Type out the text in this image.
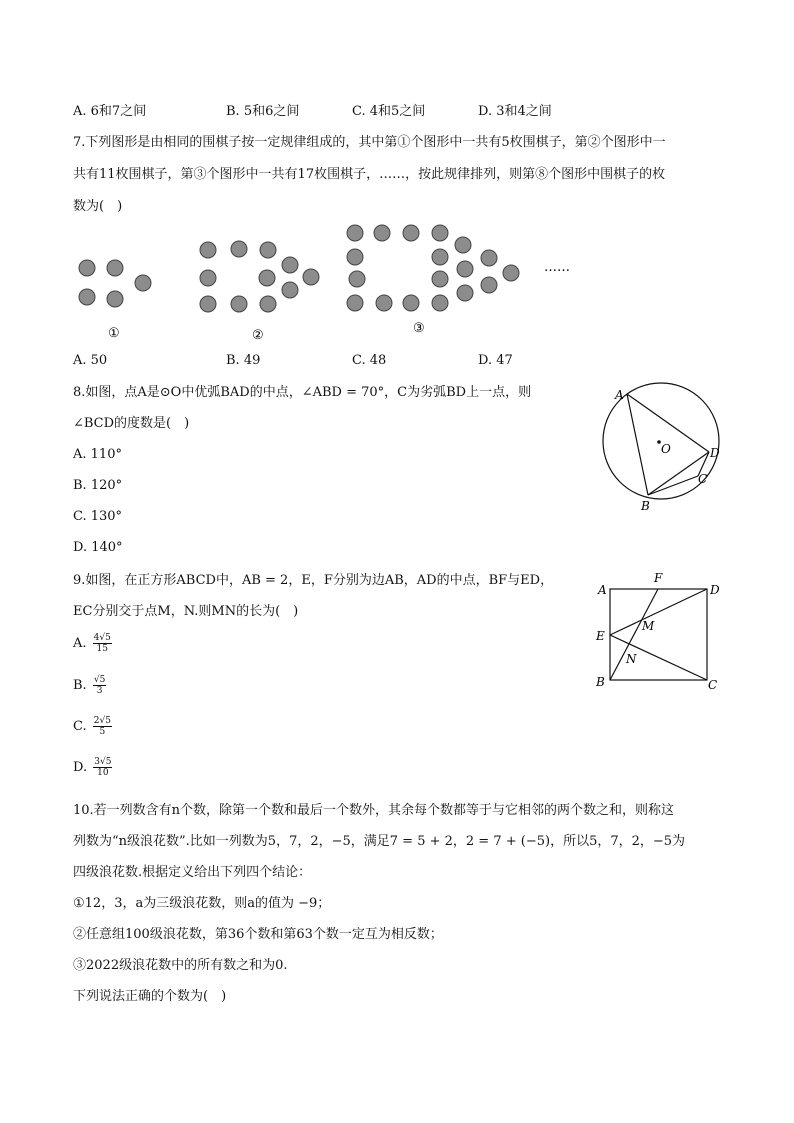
A. 6和7之间	B. 5和6之间	C. 4和5之间	D. 3和4之间
7.下列图形是由相同的围棋子按一定规律组成的，其中第①个图形中一共有5枚围棋子，第②个图形中一
共有11枚围棋子，第③个图形中一共有17枚围棋子，……，按此规律排列，则第⑧个图形中围棋子的枚
数为(　)
①	②	③
……
A. 50	B. 49	C. 48	D. 47
8.如图，点A是⊙O中优弧BAD的中点，∠ABD = 70°，C为劣弧BD上一点，则
∠BCD的度数是(　)
A. 110°
B. 120°
C. 130°
D. 140°
A
O	D
C
B
9.如图，在正方形ABCD中，AB = 2，E，F分别为边AB，AD的中点，BF与ED，
EC分别交于点M，N.则MN的长为(　)
A. $\frac{4√5}{15}$
B. $\frac{√5}{3}$
C. $\frac{2√5}{5}$
D. $\frac{3√5}{10}$
A
F
D
M
E
N
B	C
10.若一列数含有n个数，除第一个数和最后一个数外，其余每个数都等于与它相邻的两个数之和，则称这
列数为“n级浪花数”.比如一列数为5，7，2，−5，满足7 = 5 + 2，2 = 7 + (−5)，所以5，7，2，−5为
四级浪花数.根据定义给出下列四个结论：
①12，3，a为三级浪花数，则a的值为 −9；
②任意组100级浪花数，第36个数和第63个数一定互为相反数；
③2022级浪花数中的所有数之和为0.
下列说法正确的个数为(　)
